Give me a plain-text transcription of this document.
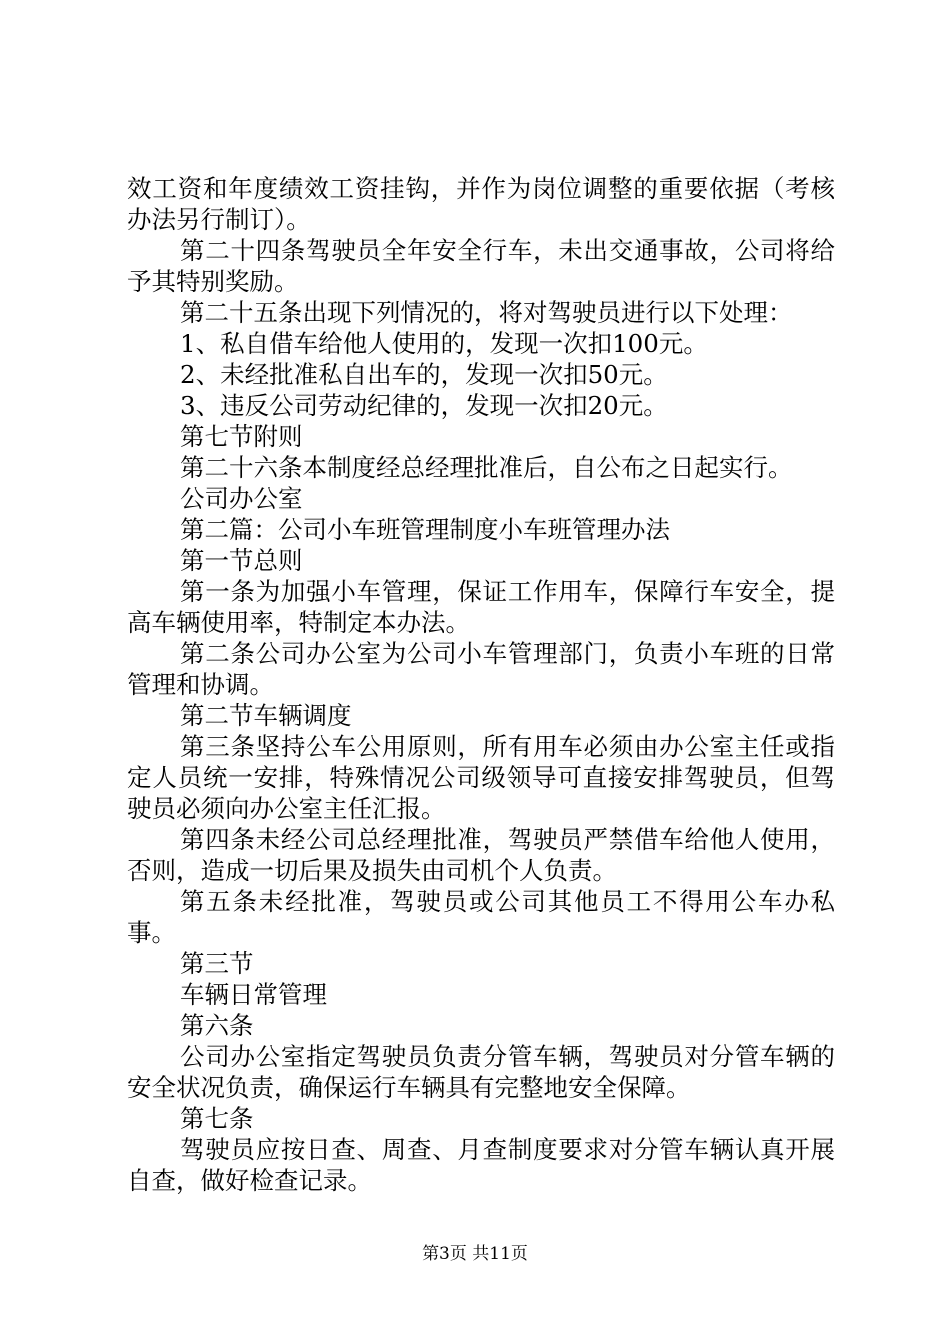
效工资和年度绩效工资挂钩，并作为岗位调整的重要依据（考核办法另行制订）。

第二十四条驾驶员全年安全行车，未出交通事故，公司将给予其特别奖励。

第二十五条出现下列情况的，将对驾驶员进行以下处理：

1、私自借车给他人使用的，发现一次扣100元。

2、未经批准私自出车的，发现一次扣50元。

3、违反公司劳动纪律的，发现一次扣20元。

第七节附则

第二十六条本制度经总经理批准后，自公布之日起实行。

公司办公室

第二篇：公司小车班管理制度小车班管理办法

第一节总则

第一条为加强小车管理，保证工作用车，保障行车安全，提高车辆使用率，特制定本办法。

第二条公司办公室为公司小车管理部门，负责小车班的日常管理和协调。

第二节车辆调度

第三条坚持公车公用原则，所有用车必须由办公室主任或指定人员统一安排，特殊情况公司级领导可直接安排驾驶员，但驾驶员必须向办公室主任汇报。

第四条未经公司总经理批准，驾驶员严禁借车给他人使用，否则，造成一切后果及损失由司机个人负责。

第五条未经批准，驾驶员或公司其他员工不得用公车办私事。

第三节

车辆日常管理

第六条

公司办公室指定驾驶员负责分管车辆，驾驶员对分管车辆的安全状况负责，确保运行车辆具有完整地安全保障。

第七条

驾驶员应按日查、周查、月查制度要求对分管车辆认真开展自查，做好检查记录。

第3页 共11页
